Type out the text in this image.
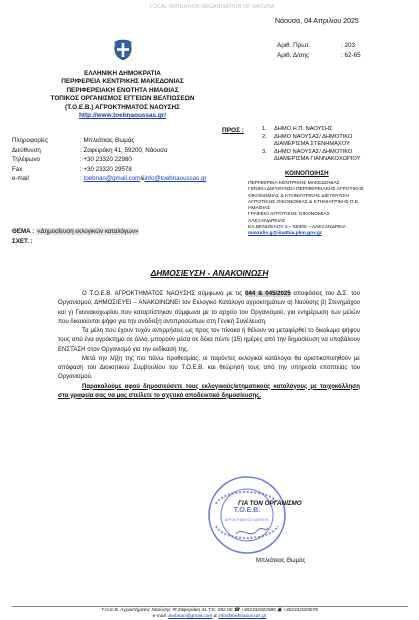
LOCAL IRRIGATION ORGANISATION OF NAOUSA
Νάουσα, 04 Απριλίου 2025
Αριθ. Πρωτ.	: 203
Αριθ. Δ/σης	: 62-65
ΕΛΛΗΝΙΚΗ ΔΗΜΟΚΡΑΤΙΑ
ΠΕΡΙΦΕΡΕΙΑ ΚΕΝΤΡΙΚΗΣ ΜΑΚΕΔΟΝΙΑΣ
ΠΕΡΙΦΕΡΕΙΑΚΗ ΕΝΟΤΗΤΑ ΗΜΑΘΙΑΣ
ΤΟΠΙΚΟΣ ΟΡΓΑΝΙΣΜΟΣ ΕΓΓΕΙΩΝ ΒΕΛΤΙΩΣΕΩΝ
(Τ.Ο.Ε.Β.) ΑΓΡΟΚΤΗΜΑΤΟΣ ΝΑΟΥΣΗΣ
http://www.toebnaoussas.gr/
Πληροφορίες	: Μπλιάτκας Θωμάς
Διεύθυνση	: Ζαφειράκη 41, 59200, Νάουσα
Τηλέφωνο	: +30 23320 22980
Fax	: +30 23320 29578
e-mail	:
toebnao@gmail.com & info@toebnaoussas.gr
ΠΡΟΣ :	1.	ΔΗΜΟ Η.Π. ΝΑΟΥΣΗΣ
2.	ΔΗΜΟ ΝΑΟΥΣΑΣ/ ΔΗΜΟΤΙΚΟ
ΔΙΑΜΕΡΙΣΜΑ ΣΤΕΝΗΜΑΧΟΥ
3.	ΔΗΜΟ ΝΑΟΥΣΑΣ/ ΔΗΜΟΤΙΚΟ
ΔΙΑΜΕΡΙΣΜΑ ΓΙΑΝΝΑΚΟΧΩΡΙΟΥ
ΚΟΙΝΟΠΟΙΗΣΗ
ΠΕΡΙΦΕΡΕΙΑ ΚΕΝΤΡΙΚΗΣ ΜΑΚΕΔΟΝΙΑΣ
ΓΕΝΙΚΗ ΔΙΕΥΘΥΝΣΗ ΠΕΡΙΦΕΡΕΙΑΚΗΣ ΑΓΡΟΤΙΚΗΣ
ΟΙΚΟΝΟΜΙΑΣ & ΚΤΗΝΙΑΤΡΙΚΗΣ ΔΙΕΥΘΥΝΣΗ
ΑΓΡΟΤΙΚΗΣ ΟΙΚΟΝΟΜΙΑΣ & ΚΤΗΝΙΑΤΡΙΚΗΣ Π.Ε.
ΗΜΑΘΙΑΣ
ΓΡΑΦΕΙΟ ΑΓΡΟΤΙΚΗΣ ΟΙΚΟΝΟΜΙΑΣ
ΑΛΕΞΑΝΔΡΕΙΑΣ
ΕΛ.ΒΕΝΙΖΕΛΟΥ 2 – 59300 – ΑΛΕΞΑΝΔΡΕΙΑ
mavridis.g@imathia.pkm.gov.gr
ΘΕΜΑ : «Δημοσίευση εκλογικών καταλόγων»
ΣΧΕΤ. :
ΔΗΜΟΣΙΕΥΣΗ - ΑΝΑΚΟΙΝΩΣΗ

Ο Τ.Ο.Ε.Β. ΑΓΡΟΚΤΗΜΑΤΟΣ ΝΑΟΥΣΗΣ σύμφωνα με τις 044 & 045/2025 αποφάσεις του Δ.Σ. του Οργανισμού, ΔΗΜΟΣΙΕΥΕΙ – ΑΝΑΚΟΙΝΩΝΕΙ τον Εκλογικό Κατάλογο αγροκτημάτων α) Ναούσης β) Στενημάχου και γ) Γιαννακοχωρίου που καταρτίστηκαν σύμφωνα με το αρχείο του Οργανισμού, για ενημέρωση των μελών που δικαιούνται ψήφο για την ανάδειξη αντιπροσώπων στη Γενική Συνέλευση.

Τα μέλη που έχουν τυχόν αντιρρήσεις ως προς τον πίνακα ή θέλουν να μεταφέρθεί το δικαίωμα ψήφου τους από ένα αγρόκτημα σε άλλο, μπορούν μέσα σε δέκα πέντε (15) ημέρες από την δημοσίευση να υποβάλουν ΕΝΣΤΑΣΗ στον Οργανισμό για την εκδίκασή της.

Μετά την λήξη της πιο πάνω προθεσμίας, οι παρόντες εκλογικοί κατάλογοι θα οριστικοποιηθούν με απόφαση του Διοικητικού Συμβουλίου του Τ.Ο.Ε.Β. και θεώρησή τους από την υπηρεσία εποπτείας του Οργανισμού.

Παρακαλούμε αφού δημοσιεύσετε τους εκλογικούς/κτηματικούς καταλόγους με τοιχοκόλληση στα γραφεία σας να μας στείλετε το σχετικό αποδεικτικό δημοσίευσης.

Τ.Ο.Ε.Β.
ΑΓΡΟΚΤΗΜΑΤΟΣ ΝΑΟΥΣΗΣ
ΓΙΑ ΤΟΝ ΟΡΓΑΝΙΣΜΟ
Μπλιάτκας Θωμάς
Τ.Ο.Ε.Β. Αγροκτήματος Ναούσης ✉ Ζαφειράκη 41 Τ.Κ. 592 00 ☎ +302332022980 ▣ +302332029578
e-mail: toebnao@gmail.com & info@toebnaoussas.gr
